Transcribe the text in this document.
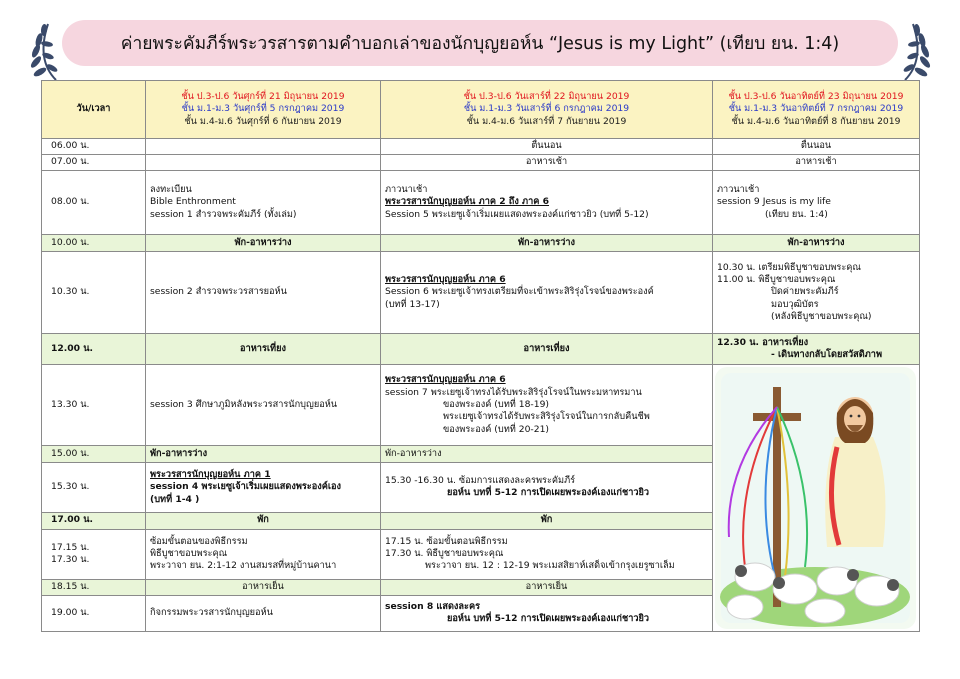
ค่ายพระคัมภีร์พระวรสารตามคำบอกเล่าของนักบุญยอห์น “Jesus is my Light” (เทียบ ยน. 1:4)
วัน/เวลา	ชั้น ป.3-ป.6 วันศุกร์ที่ 21 มิถุนายน 2019
ชั้น ม.1-ม.3 วันศุกร์ที่ 5 กรกฎาคม 2019
ชั้น ม.4-ม.6 วันศุกร์ที่ 6 กันยายน 2019	ชั้น ป.3-ป.6 วันเสาร์ที่ 22 มิถุนายน 2019
ชั้น ม.1-ม.3 วันเสาร์ที่ 6 กรกฎาคม 2019
ชั้น ม.4-ม.6 วันเสาร์ที่ 7 กันยายน 2019	ชั้น ป.3-ป.6 วันอาทิตย์ที่ 23 มิถุนายน 2019
ชั้น ม.1-ม.3 วันอาทิตย์ที่ 7 กรกฎาคม 2019
ชั้น ม.4-ม.6 วันอาทิตย์ที่ 8 กันยายน 2019

06.00 น.		ตื่นนอน	ตื่นนอน
07.00 น.		อาหารเช้า	อาหารเช้า
08.00 น.	ลงทะเบียน
Bible Enthronment
session 1 สำรวจพระคัมภีร์ (ทั้งเล่ม)	ภาวนาเช้า
พระวรสารนักบุญยอห์น ภาค 2 ถึง ภาค 6
Session 5 พระเยซูเจ้าเริ่มเผยแสดงพระองค์แก่ชาวยิว (บทที่ 5-12)	ภาวนาเช้า
session 9 Jesus is my life
(เทียบ ยน. 1:4)

10.00 น.	พัก-อาหารว่าง	พัก-อาหารว่าง	พัก-อาหารว่าง
10.30 น.	session 2 สำรวจพระวรสารยอห์น	พระวรสารนักบุญยอห์น ภาค 6
Session 6 พระเยซูเจ้าทรงเตรียมที่จะเข้าพระสิริรุ่งโรจน์ของพระองค์
(บทที่ 13-17)	10.30 น. เตรียมพิธีบูชาขอบพระคุณ
11.00 น. พิธีบูชาขอบพระคุณ
ปิดค่ายพระคัมภีร์
มอบวุฒิบัตร
(หลังพิธีบูชาขอบพระคุณ)

12.00 น.	อาหารเที่ยง	อาหารเที่ยง	12.30 น. อาหารเที่ยง
- เดินทางกลับโดยสวัสดิภาพ

13.30 น.	session 3 ศึกษาภูมิหลังพระวรสารนักบุญยอห์น	พระวรสารนักบุญยอห์น ภาค 6
session 7 พระเยซูเจ้าทรงได้รับพระสิริรุ่งโรจน์ในพระมหาทรมาน
ของพระองค์ (บทที่ 18-19)
พระเยซูเจ้าทรงได้รับพระสิริรุ่งโรจน์ในการกลับคืนชีพ
ของพระองค์ (บทที่ 20-21)

15.00 น.	พัก-อาหารว่าง	พัก-อาหารว่าง	
15.30 น.	พระวรสารนักบุญยอห์น ภาค 1
session 4 พระเยซูเจ้าเริ่มเผยแสดงพระองค์เอง
(บทที่ 1-4 )	15.30 -16.30 น. ซ้อมการแสดงละครพระคัมภีร์
ยอห์น บทที่ 5-12 การเปิดเผยพระองค์เองแก่ชาวยิว	

17.00 น.	พัก	พัก	

17.15 น.
17.30 น.	ซ้อมขั้นตอนของพิธีกรรม
พิธีบูชาขอบพระคุณ
พระวาจา ยน. 2:1-12 งานสมรสที่หมู่บ้านคานา	17.15 น. ซ้อมขั้นตอนพิธีกรรม
17.30 น. พิธีบูชาขอบพระคุณ
พระวาจา ยน. 12 : 12-19 พระเมสสิยาห์เสด็จเข้ากรุงเยรูซาเล็ม	

18.15 น.	อาหารเย็น	อาหารเย็น	
19.00 น.	กิจกรรมพระวรสารนักบุญยอห์น	session 8 แสดงละคร
ยอห์น บทที่ 5-12 การเปิดเผยพระองค์เองแก่ชาวยิว	
